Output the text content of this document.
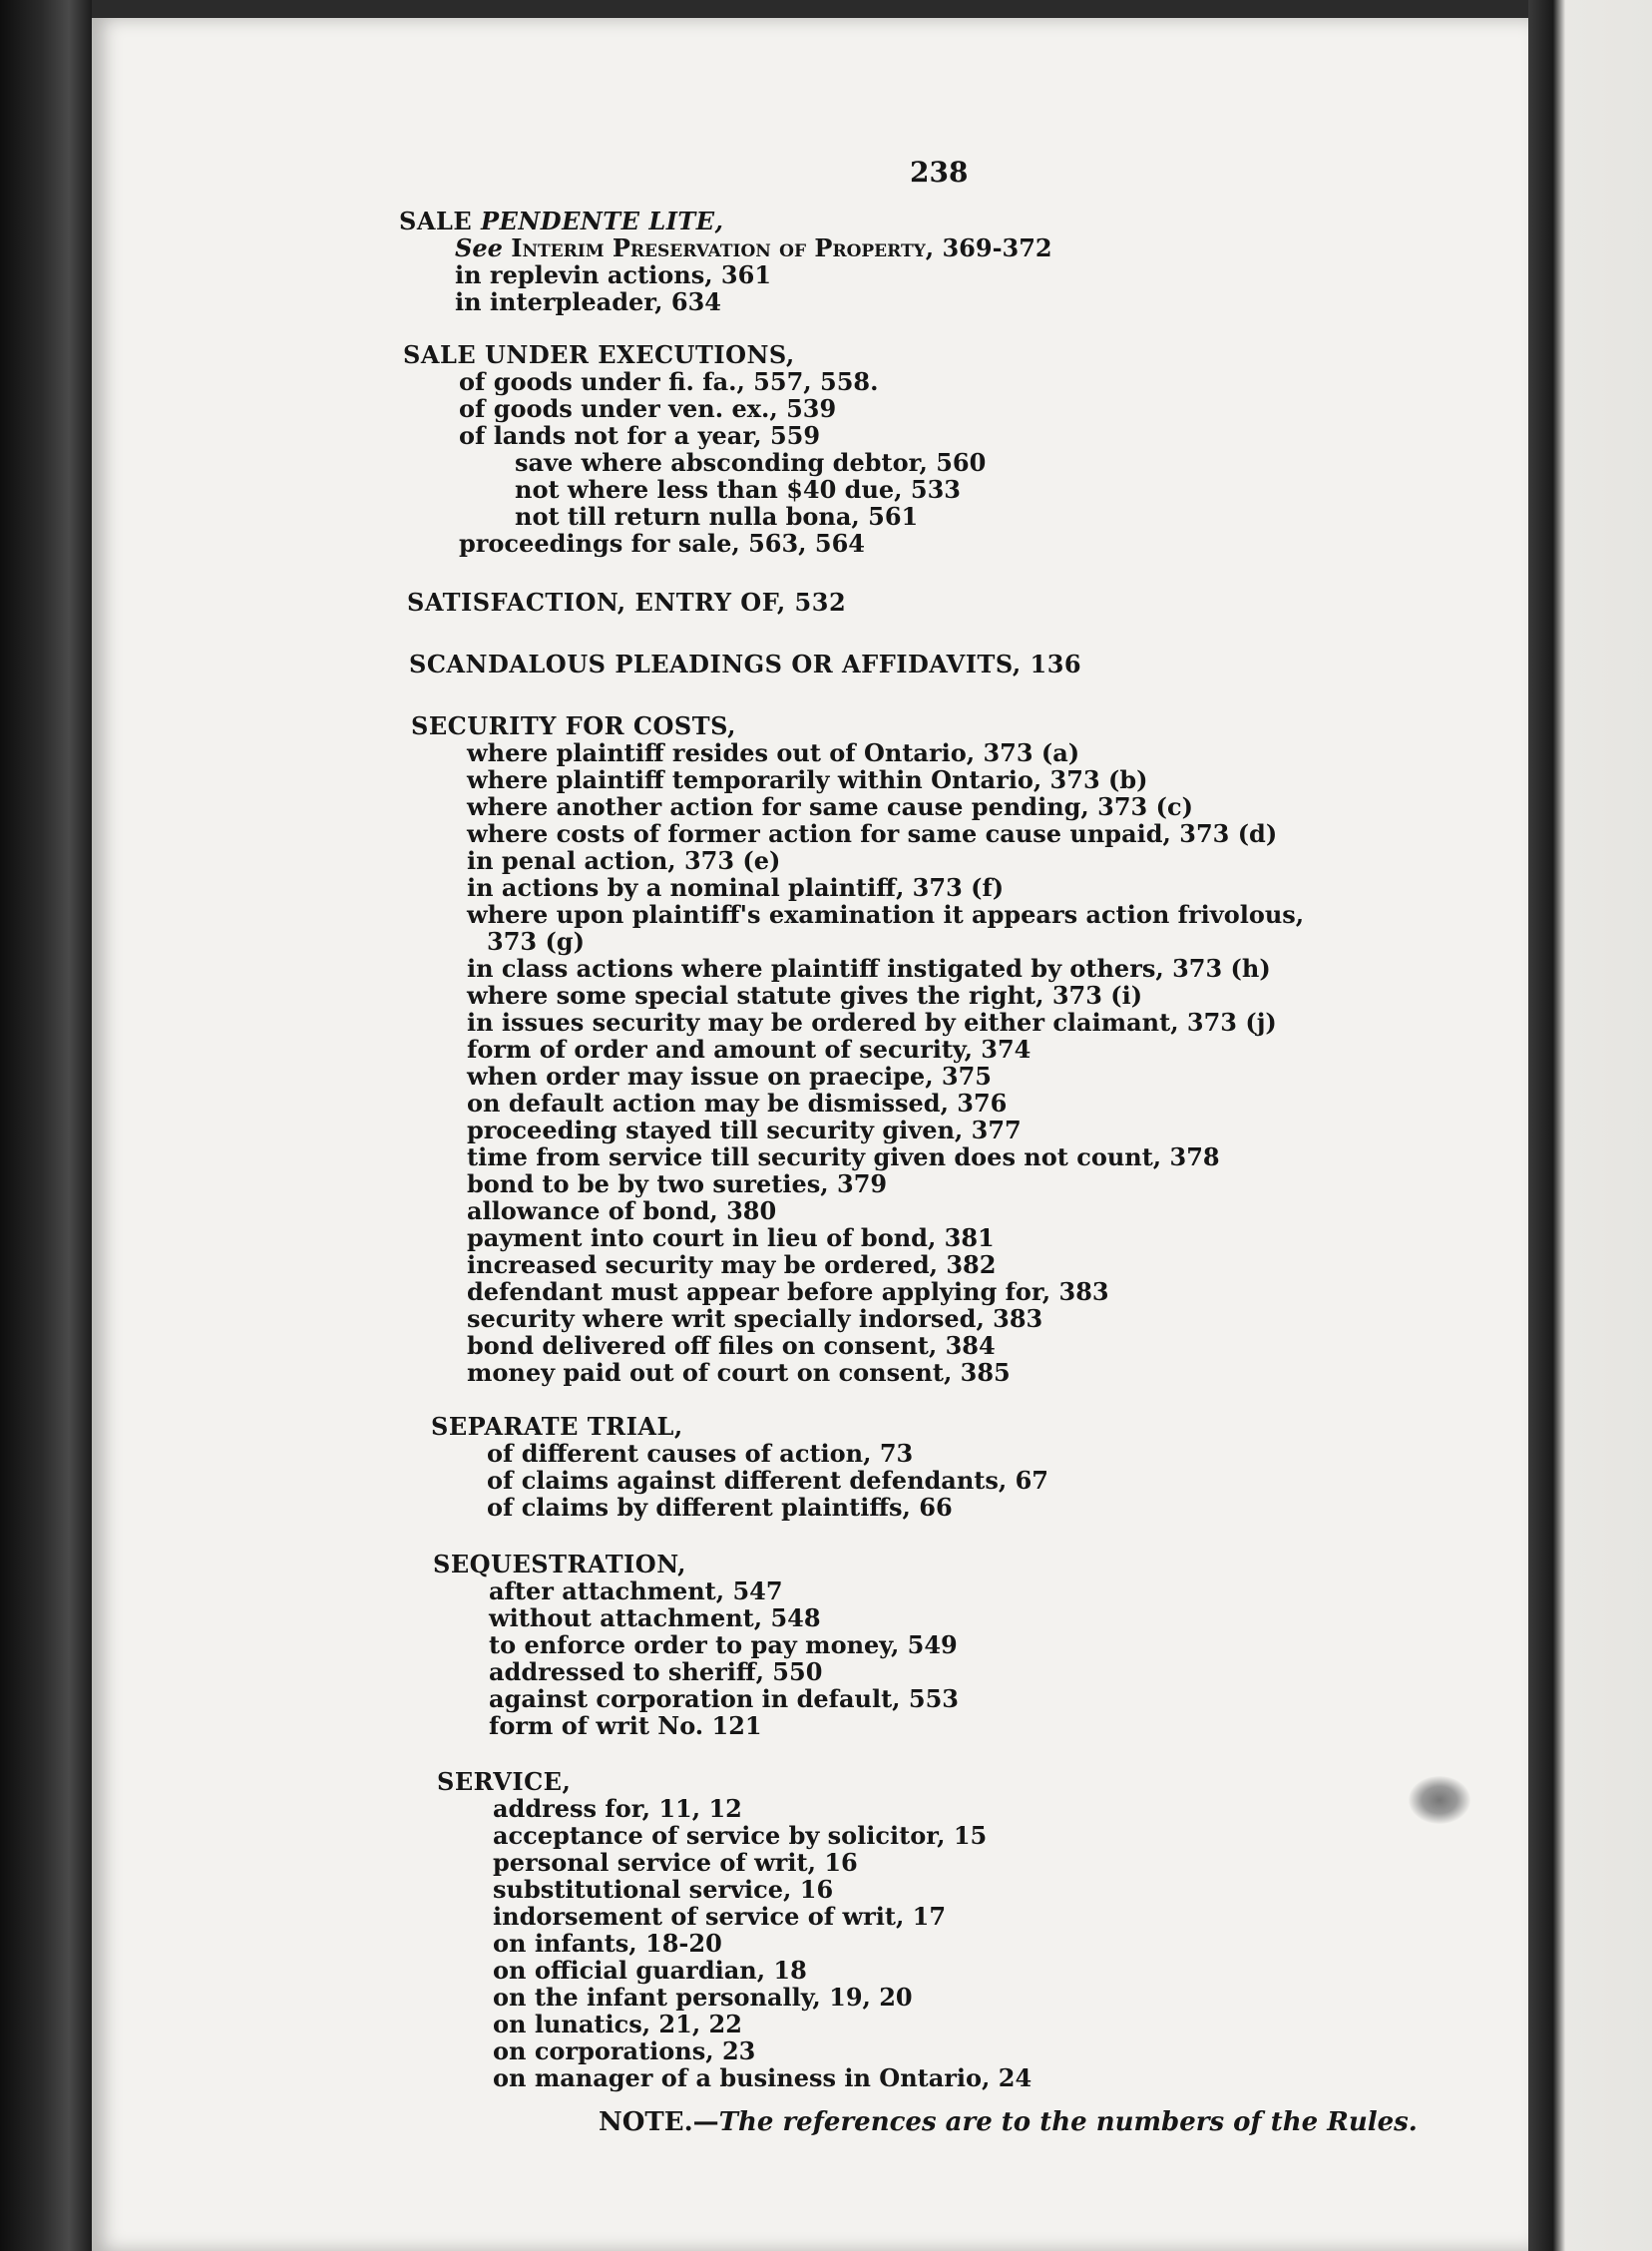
238
SALE PENDENTE LITE,
See Interim Preservation of Property, 369-372
in replevin actions, 361
in interpleader, 634
SALE UNDER EXECUTIONS,
of goods under fi. fa., 557, 558.
of goods under ven. ex., 539
of lands not for a year, 559
save where absconding debtor, 560
not where less than $40 due, 533
not till return nulla bona, 561
proceedings for sale, 563, 564
SATISFACTION, ENTRY OF, 532
SCANDALOUS PLEADINGS OR AFFIDAVITS, 136
SECURITY FOR COSTS,
where plaintiff resides out of Ontario, 373 (a)
where plaintiff temporarily within Ontario, 373 (b)
where another action for same cause pending, 373 (c)
where costs of former action for same cause unpaid, 373 (d)
in penal action, 373 (e)
in actions by a nominal plaintiff, 373 (f)
where upon plaintiff's examination it appears action frivolous,
373 (g)
in class actions where plaintiff instigated by others, 373 (h)
where some special statute gives the right, 373 (i)
in issues security may be ordered by either claimant, 373 (j)
form of order and amount of security, 374
when order may issue on praecipe, 375
on default action may be dismissed, 376
proceeding stayed till security given, 377
time from service till security given does not count, 378
bond to be by two sureties, 379
allowance of bond, 380
payment into court in lieu of bond, 381
increased security may be ordered, 382
defendant must appear before applying for, 383
security where writ specially indorsed, 383
bond delivered off files on consent, 384
money paid out of court on consent, 385
SEPARATE TRIAL,
of different causes of action, 73
of claims against different defendants, 67
of claims by different plaintiffs, 66
SEQUESTRATION,
after attachment, 547
without attachment, 548
to enforce order to pay money, 549
addressed to sheriff, 550
against corporation in default, 553
form of writ No. 121
SERVICE,
address for, 11, 12
acceptance of service by solicitor, 15
personal service of writ, 16
substitutional service, 16
indorsement of service of writ, 17
on infants, 18-20
on official guardian, 18
on the infant personally, 19, 20
on lunatics, 21, 22
on corporations, 23
on manager of a business in Ontario, 24
NOTE.—The references are to the numbers of the Rules.
